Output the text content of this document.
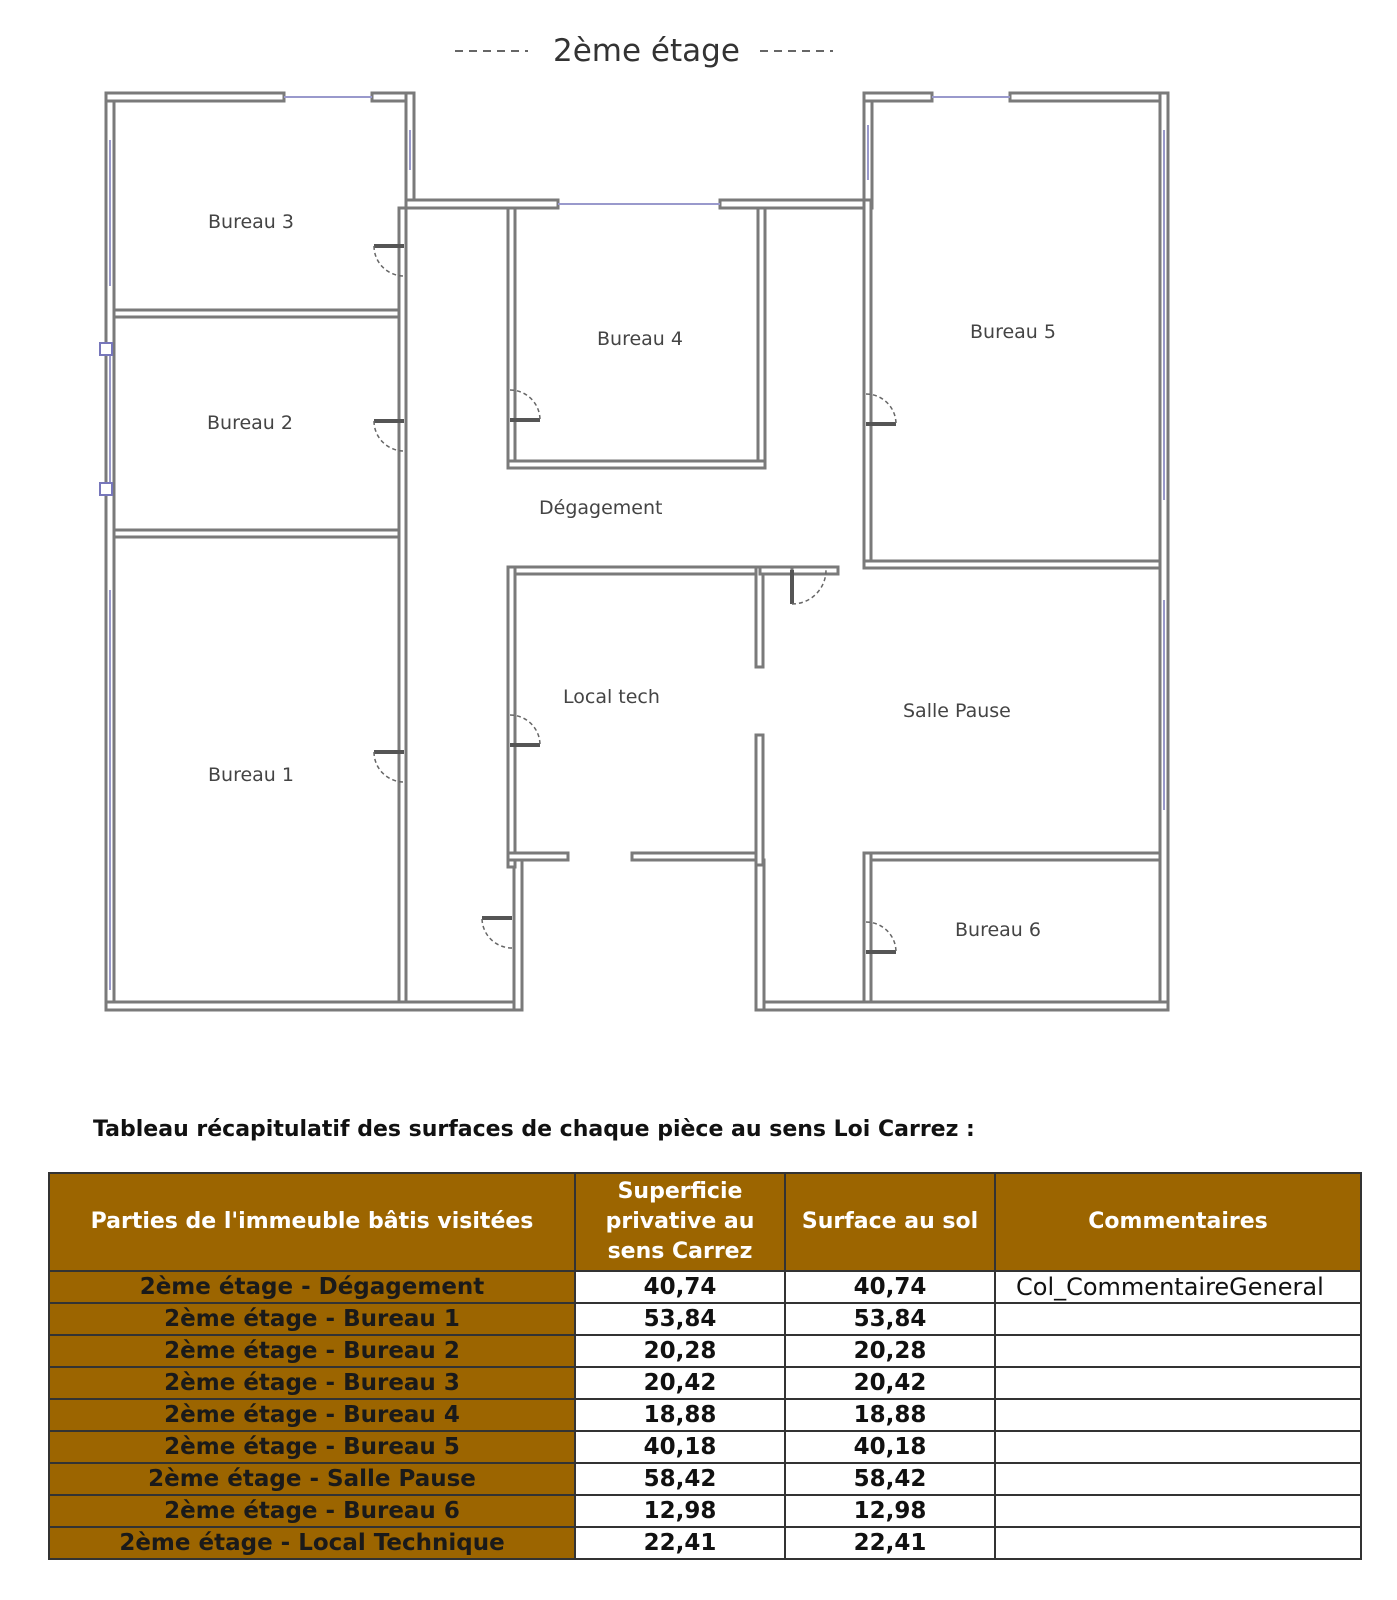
2ème étage
Bureau 3
Bureau 2
Bureau 1
Bureau 4	Bureau 5
Dégagement
Local tech
Salle Pause
Bureau 6

Tableau récapitulatif des surfaces de chaque pièce au sens Loi Carrez :

Parties de l'immeuble bâtis visitées	Superficie privative au sens Carrez	Surface au sol	Commentaires
2ème étage - Dégagement	40,74	40,74	Col_CommentaireGeneral
2ème étage - Bureau 1	53,84	53,84	
2ème étage - Bureau 2	20,28	20,28	
2ème étage - Bureau 3	20,42	20,42	
2ème étage - Bureau 4	18,88	18,88	
2ème étage - Bureau 5	40,18	40,18	
2ème étage - Salle Pause	58,42	58,42	
2ème étage - Bureau 6	12,98	12,98	
2ème étage - Local Technique	22,41	22,41	
